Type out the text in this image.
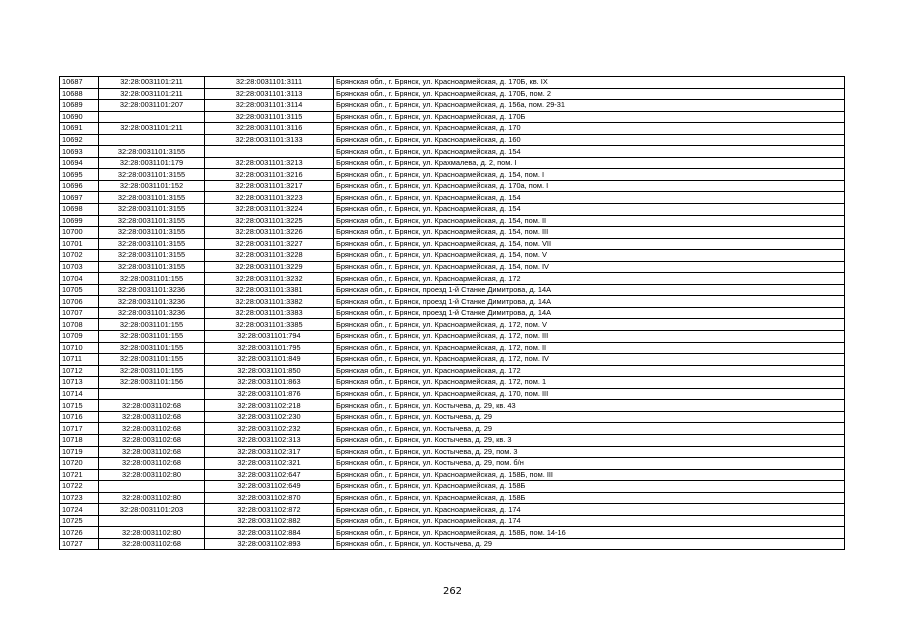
10687	32:28:0031101:211	32:28:0031101:3111	Брянская обл., г. Брянск, ул. Красноармейская, д. 170Б, кв. IX
10688	32:28:0031101:211	32:28:0031101:3113	Брянская обл., г. Брянск, ул. Красноармейская, д. 170Б, пом. 2
10689	32:28:0031101:207	32:28:0031101:3114	Брянская обл., г. Брянск, ул. Красноармейская, д. 156а, пом. 29-31
10690		32:28:0031101:3115	Брянская обл., г. Брянск, ул. Красноармейская, д. 170Б
10691	32:28:0031101:211	32:28:0031101:3116	Брянская обл., г. Брянск, ул. Красноармейская, д. 170
10692		32:28:0031101:3133	Брянская обл., г. Брянск, ул. Красноармейская, д. 160
10693	32:28:0031101:3155		Брянская обл., г. Брянск, ул. Красноармейская, д. 154
10694	32:28:0031101:179	32:28:0031101:3213	Брянская обл., г. Брянск, ул. Крахмалева, д. 2, пом. I
10695	32:28:0031101:3155	32:28:0031101:3216	Брянская обл., г. Брянск, ул. Красноармейская, д. 154, пом. I
10696	32:28:0031101:152	32:28:0031101:3217	Брянская обл., г. Брянск, ул. Красноармейская, д. 170а, пом. I
10697	32:28:0031101:3155	32:28:0031101:3223	Брянская обл., г. Брянск, ул. Красноармейская, д. 154
10698	32:28:0031101:3155	32:28:0031101:3224	Брянская обл., г. Брянск, ул. Красноармейская, д. 154
10699	32:28:0031101:3155	32:28:0031101:3225	Брянская обл., г. Брянск, ул. Красноармейская, д. 154, пом. II
10700	32:28:0031101:3155	32:28:0031101:3226	Брянская обл., г. Брянск, ул. Красноармейская, д. 154, пом. III
10701	32:28:0031101:3155	32:28:0031101:3227	Брянская обл., г. Брянск, ул. Красноармейская, д. 154, пом. VII
10702	32:28:0031101:3155	32:28:0031101:3228	Брянская обл., г. Брянск, ул. Красноармейская, д. 154, пом. V
10703	32:28:0031101:3155	32:28:0031101:3229	Брянская обл., г. Брянск, ул. Красноармейская, д. 154, пом. IV
10704	32:28:0031101:155	32:28:0031101:3232	Брянская обл., г. Брянск, ул. Красноармейская, д. 172
10705	32:28:0031101:3236	32:28:0031101:3381	Брянская обл., г. Брянск, проезд 1-й Станке Димитрова, д. 14А
10706	32:28:0031101:3236	32:28:0031101:3382	Брянская обл., г. Брянск, проезд 1-й Станке Димитрова, д. 14А
10707	32:28:0031101:3236	32:28:0031101:3383	Брянская обл., г. Брянск, проезд 1-й Станке Димитрова, д. 14А
10708	32:28:0031101:155	32:28:0031101:3385	Брянская обл., г. Брянск, ул. Красноармейская, д. 172, пом. V
10709	32:28:0031101:155	32:28:0031101:794	Брянская обл., г. Брянск, ул. Красноармейская, д. 172, пом. III
10710	32:28:0031101:155	32:28:0031101:795	Брянская обл., г. Брянск, ул. Красноармейская, д. 172, пом. II
10711	32:28:0031101:155	32:28:0031101:849	Брянская обл., г. Брянск, ул. Красноармейская, д. 172, пом. IV
10712	32:28:0031101:155	32:28:0031101:850	Брянская обл., г. Брянск, ул. Красноармейская, д. 172
10713	32:28:0031101:156	32:28:0031101:863	Брянская обл., г. Брянск, ул. Красноармейская, д. 172, пом. 1
10714		32:28:0031101:876	Брянская обл., г. Брянск, ул. Красноармейская, д. 170, пом. III
10715	32:28:0031102:68	32:28:0031102:218	Брянская обл., г. Брянск, ул. Костычева, д. 29, кв. 43
10716	32:28:0031102:68	32:28:0031102:230	Брянская обл., г. Брянск, ул. Костычева, д. 29
10717	32:28:0031102:68	32:28:0031102:232	Брянская обл., г. Брянск, ул. Костычева, д. 29
10718	32:28:0031102:68	32:28:0031102:313	Брянская обл., г. Брянск, ул. Костычева, д. 29, кв. 3
10719	32:28:0031102:68	32:28:0031102:317	Брянская обл., г. Брянск, ул. Костычева, д. 29, пом. 3
10720	32:28:0031102:68	32:28:0031102:321	Брянская обл., г. Брянск, ул. Костычева, д. 29, пом. б/н
10721	32:28:0031102:80	32:28:0031102:647	Брянская обл., г. Брянск, ул. Красноармейская, д. 158Б, пом. III
10722		32:28:0031102:649	Брянская обл., г. Брянск, ул. Красноармейская, д. 158Б
10723	32:28:0031102:80	32:28:0031102:870	Брянская обл., г. Брянск, ул. Красноармейская, д. 158Б
10724	32:28:0031101:203	32:28:0031102:872	Брянская обл., г. Брянск, ул. Красноармейская, д. 174
10725		32:28:0031102:882	Брянская обл., г. Брянск, ул. Красноармейская, д. 174
10726	32:28:0031102:80	32:28:0031102:884	Брянская обл., г. Брянск, ул. Красноармейская, д. 158Б, пом. 14-16
10727	32:28:0031102:68	32:28:0031102:893	Брянская обл., г. Брянск, ул. Костычева, д. 29
262
